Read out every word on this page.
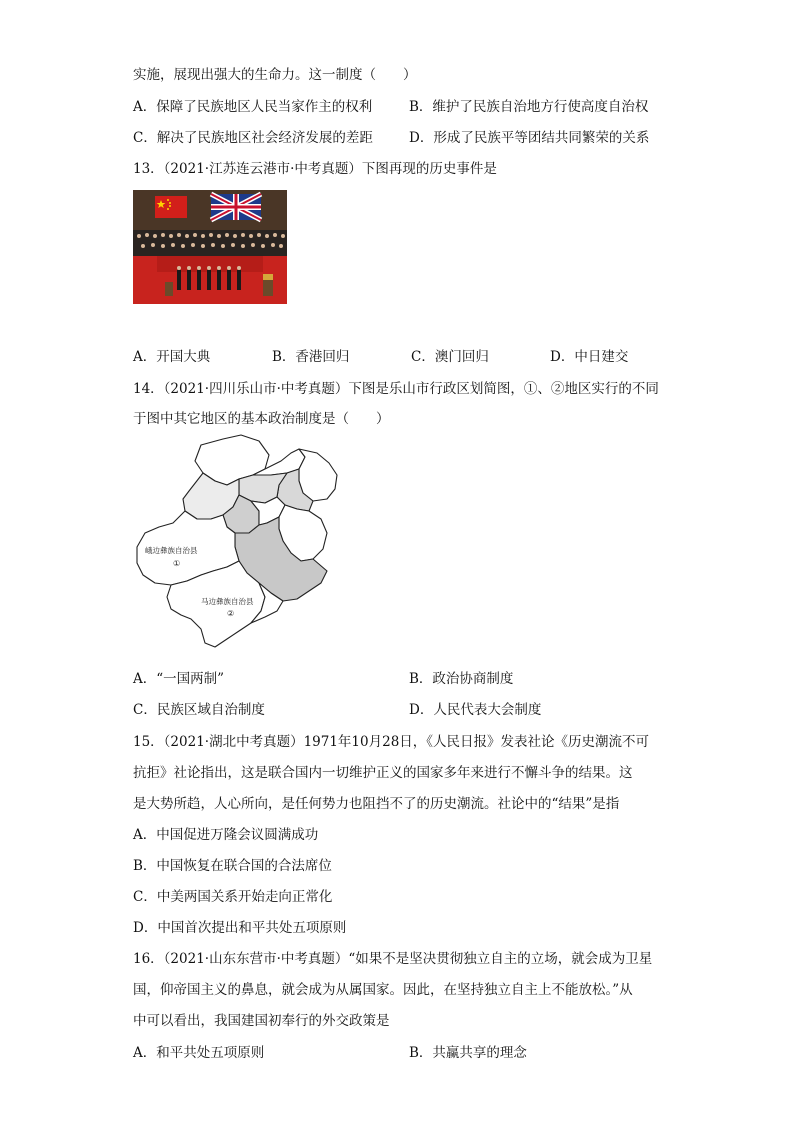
实施，展现出强大的生命力。这一制度（　　）
A．保障了民族地区人民当家作主的权利	B．维护了民族自治地方行使高度自治权
C．解决了民族地区社会经济发展的差距	D．形成了民族平等团结共同繁荣的关系
13．（2021·江苏连云港市·中考真题）下图再现的历史事件是
A．开国大典	B．香港回归	C．澳门回归	D．中日建交
14．（2021·四川乐山市·中考真题）下图是乐山市行政区划简图，①、②地区实行的不同
于图中其它地区的基本政治制度是（　　）
峨边彝族自治县
①
马边彝族自治县
②
A．“一国两制”	B．政治协商制度
C．民族区域自治制度	D．人民代表大会制度
15．（2021·湖北中考真题）1971年10月28日，《人民日报》发表社论《历史潮流不可
抗拒》社论指出，这是联合国内一切维护正义的国家多年来进行不懈斗争的结果。这
是大势所趋，人心所向，是任何势力也阻挡不了的历史潮流。社论中的“结果”是指
A．中国促进万隆会议圆满成功
B．中国恢复在联合国的合法席位
C．中美两国关系开始走向正常化
D．中国首次提出和平共处五项原则
16．（2021·山东东营市·中考真题）“如果不是坚决贯彻独立自主的立场，就会成为卫星
国，仰帝国主义的鼻息，就会成为从属国家。因此，在坚持独立自主上不能放松。”从
中可以看出，我国建国初奉行的外交政策是
A．和平共处五项原则	B．共赢共享的理念
